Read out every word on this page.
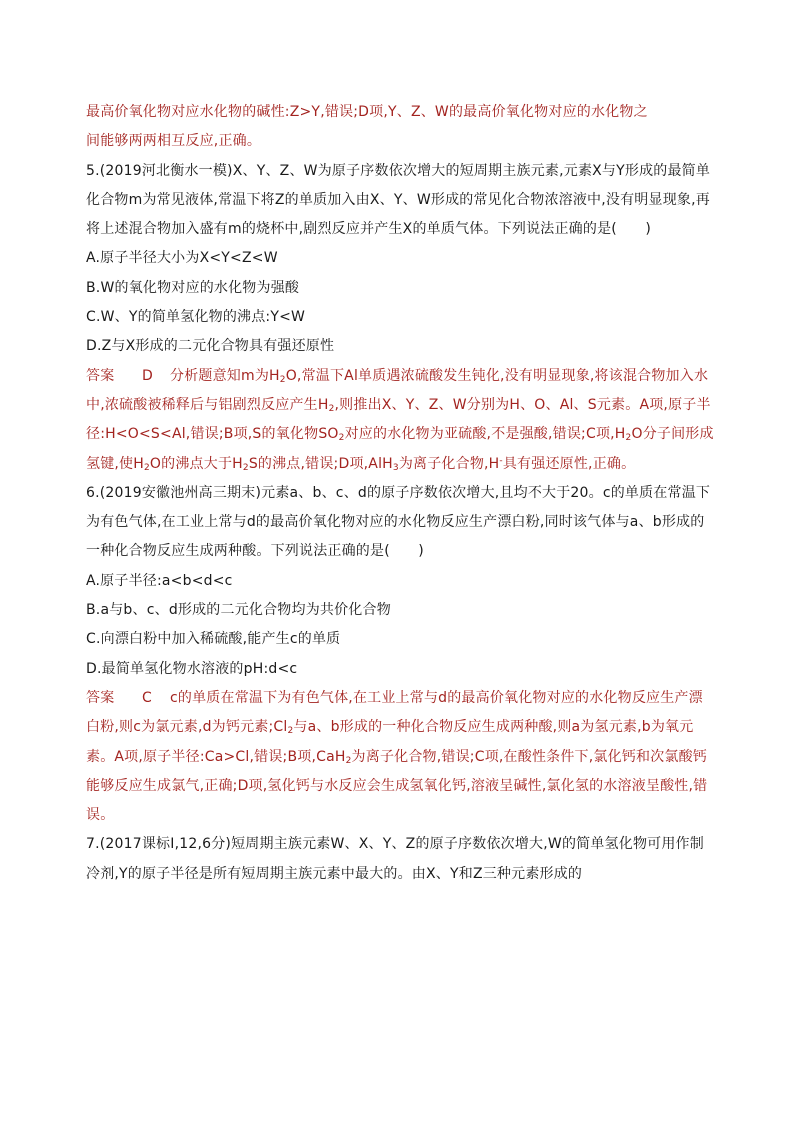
最高价氧化物对应水化物的碱性:Z>Y,错误;D项,Y、Z、W的最高价氧化物对应的水化物之
间能够两两相互反应,正确。

5.(2019河北衡水一模)X、Y、Z、W为原子序数依次增大的短周期主族元素,元素X与Y形成的最简单化合物m为常见液体,常温下将Z的单质加入由X、Y、W形成的常见化合物浓溶液中,没有明显现象,再将上述混合物加入盛有m的烧杯中,剧烈反应并产生X的单质气体。下列说法正确的是(　　)

A.原子半径大小为X<Y<Z<W

B.W的氧化物对应的水化物为强酸

C.W、Y的简单氢化物的沸点:Y<W

D.Z与X形成的二元化合物具有强还原性

答案 D 分析题意知m为$H_2O$,常温下Al单质遇浓硫酸发生钝化,没有明显现象,将该混合物加入水中,浓硫酸被稀释后与铝剧烈反应产生$H_2$,则推出X、Y、Z、W分别为H、O、Al、S元素。A项,原子半径:H<O<S<Al,错误;B项,S的氧化物$SO_2$对应的水化物为亚硫酸,不是强酸,错误;C项$,H_2O$分子间形成氢键,使$H_2O$的沸点大于$H_2S$的沸点,错误;D项,AlH$_3$为离子化合物,H-具有强还原性,正确。

6.(2019安徽池州高三期末)元素a、b、c、d的原子序数依次增大,且均不大于20。c的单质在常温下为有色气体,在工业上常与d的最高价氧化物对应的水化物反应生产漂白粉,同时该气体与a、b形成的一种化合物反应生成两种酸。下列说法正确的是(　　)

A.原子半径:a<b<d<c

B.a与b、c、d形成的二元化合物均为共价化合物

C.向漂白粉中加入稀硫酸,能产生c的单质

D.最简单氢化物水溶液的pH:d<c

答案 C c的单质在常温下为有色气体,在工业上常与d的最高价氧化物对应的水化物反应生产漂白粉,则c为氯元素,d为钙元素$;Cl_2$与a、b形成的一种化合物反应生成两种酸,则a为氢元素,b为氧元素。A项,原子半径:Ca>Cl,错误;B项,CaH$_2$为离子化合物,错误;C项,在酸性条件下,氯化钙和次氯酸钙能够反应生成氯气,正确;D项,氢化钙与水反应会生成氢氧化钙,溶液呈碱性,氯化氢的水溶液呈酸性,错误。

7.(2017课标Ⅰ,12,6分)短周期主族元素W、X、Y、Z的原子序数依次增大,W的简单氢化物可用作制冷剂,Y的原子半径是所有短周期主族元素中最大的。由X、Y和Z三种元素形成的
